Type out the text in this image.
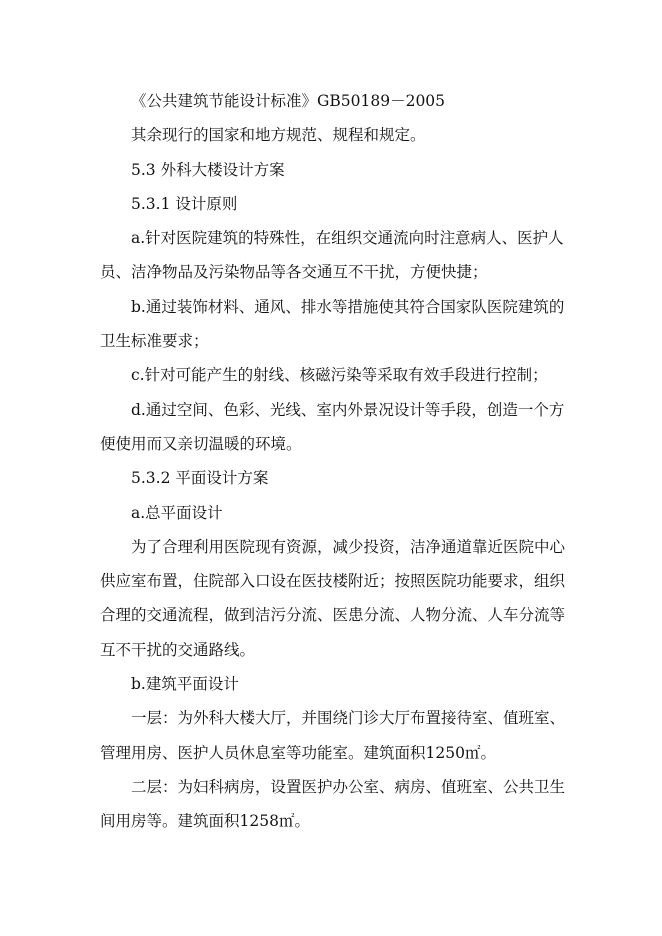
《公共建筑节能设计标准》GB50189－2005

其余现行的国家和地方规范、规程和规定。

5.3 外科大楼设计方案

5.3.1 设计原则

a.针对医院建筑的特殊性，在组织交通流向时注意病人、医护人员、洁净物品及污染物品等各交通互不干扰，方便快捷；

b.通过装饰材料、通风、排水等措施使其符合国家队医院建筑的卫生标准要求；

c.针对可能产生的射线、核磁污染等采取有效手段进行控制；

d.通过空间、色彩、光线、室内外景况设计等手段，创造一个方便使用而又亲切温暖的环境。

5.3.2 平面设计方案

a.总平面设计

为了合理利用医院现有资源，减少投资，洁净通道靠近医院中心供应室布置，住院部入口设在医技楼附近；按照医院功能要求，组织合理的交通流程，做到洁污分流、医患分流、人物分流、人车分流等互不干扰的交通路线。

b.建筑平面设计

一层：为外科大楼大厅，并围绕门诊大厅布置接待室、值班室、管理用房、医护人员休息室等功能室。建筑面积1250㎡。

二层：为妇科病房，设置医护办公室、病房、值班室、公共卫生间用房等。建筑面积1258㎡。
